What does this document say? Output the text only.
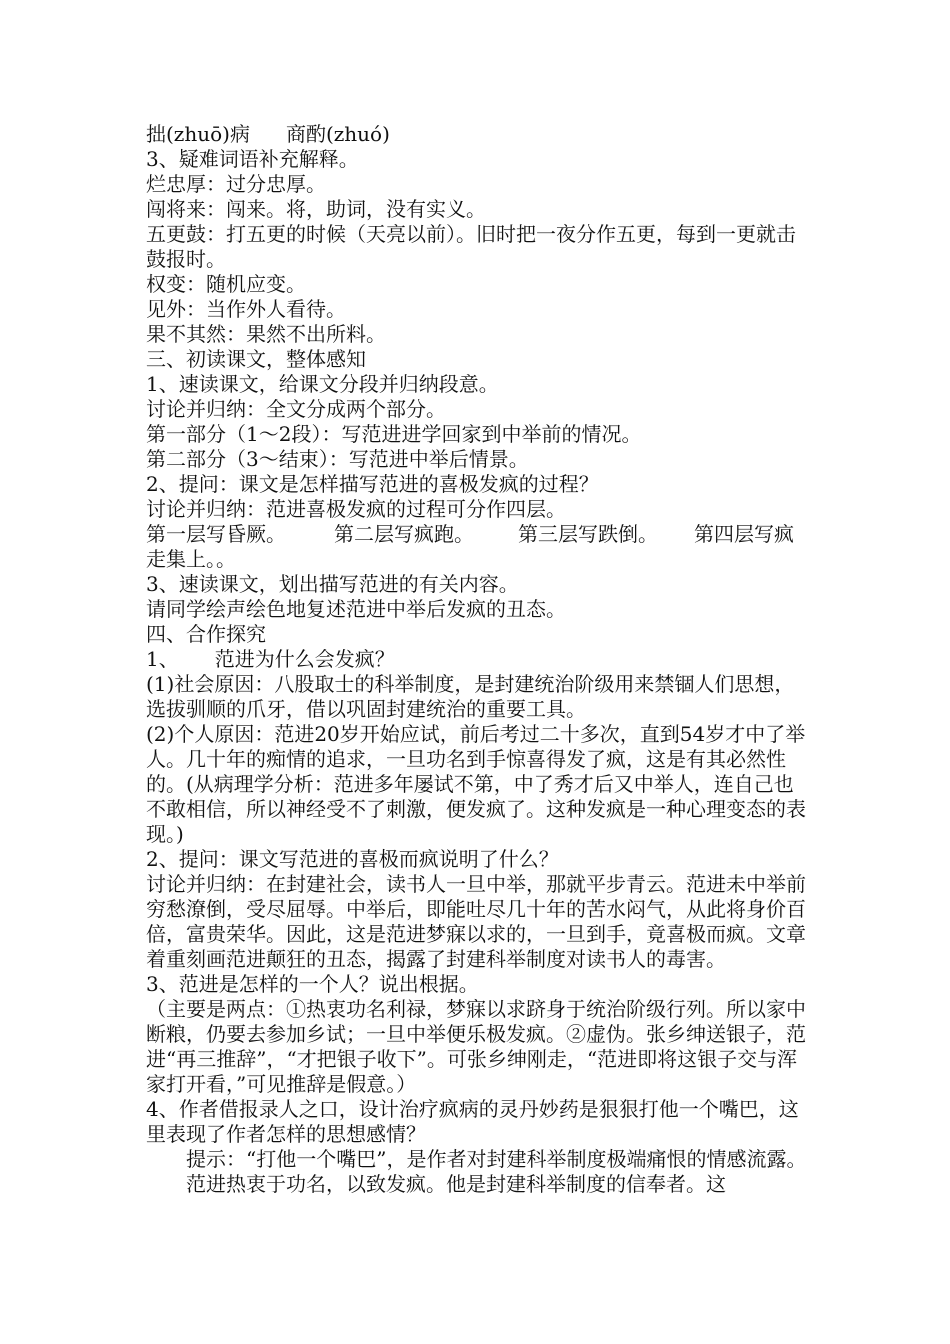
拙(zhuō)病 商酌(zhuó)
3、疑难词语补充解释。
烂忠厚：过分忠厚。
闯将来：闯来。将，助词，没有实义。
五更鼓：打五更的时候（天亮以前）。旧时把一夜分作五更，每到一更就击鼓报时。
权变：随机应变。
见外：当作外人看待。
果不其然：果然不出所料。
三、初读课文，整体感知
1、速读课文，给课文分段并归纳段意。
讨论并归纳：全文分成两个部分。
第一部分（1～2段）：写范进进学回家到中举前的情况。
第二部分（3～结束）：写范进中举后情景。
2、提问：课文是怎样描写范进的喜极发疯的过程？
讨论并归纳：范进喜极发疯的过程可分作四层。
第一层写昏厥。 第二层写疯跑。 第三层写跌倒。 第四层写疯走集上。。
3、速读课文，划出描写范进的有关内容。
请同学绘声绘色地复述范进中举后发疯的丑态。
四、合作探究
1、 范进为什么会发疯？
(1)社会原因：八股取士的科举制度，是封建统治阶级用来禁锢人们思想，选拔驯顺的爪牙，借以巩固封建统治的重要工具。
(2)个人原因：范进20岁开始应试，前后考过二十多次，直到54岁才中了举人。几十年的痴情的追求，一旦功名到手惊喜得发了疯，这是有其必然性的。(从病理学分析：范进多年屡试不第，中了秀才后又中举人，连自己也不敢相信，所以神经受不了刺激，便发疯了。这种发疯是一种心理变态的表现。)
2、提问：课文写范进的喜极而疯说明了什么？
讨论并归纳：在封建社会，读书人一旦中举，那就平步青云。范进未中举前穷愁潦倒，受尽屈辱。中举后，即能吐尽几十年的苦水闷气，从此将身价百倍，富贵荣华。因此，这是范进梦寐以求的，一旦到手，竟喜极而疯。文章着重刻画范进颠狂的丑态，揭露了封建科举制度对读书人的毒害。
3、范进是怎样的一个人？说出根据。
（主要是两点：①热衷功名利禄，梦寐以求跻身于统治阶级行列。所以家中断粮，仍要去参加乡试；一旦中举便乐极发疯。②虚伪。张乡绅送银子，范进“再三推辞”，“才把银子收下”。可张乡绅刚走，“范进即将这银子交与浑家打开看，”可见推辞是假意。）
4、作者借报录人之口，设计治疗疯病的灵丹妙药是狠狠打他一个嘴巴，这里表现了作者怎样的思想感情？
提示：“打他一个嘴巴”，是作者对封建科举制度极端痛恨的情感流露。范进热衷于功名，以致发疯。他是封建科举制度的信奉者。这
